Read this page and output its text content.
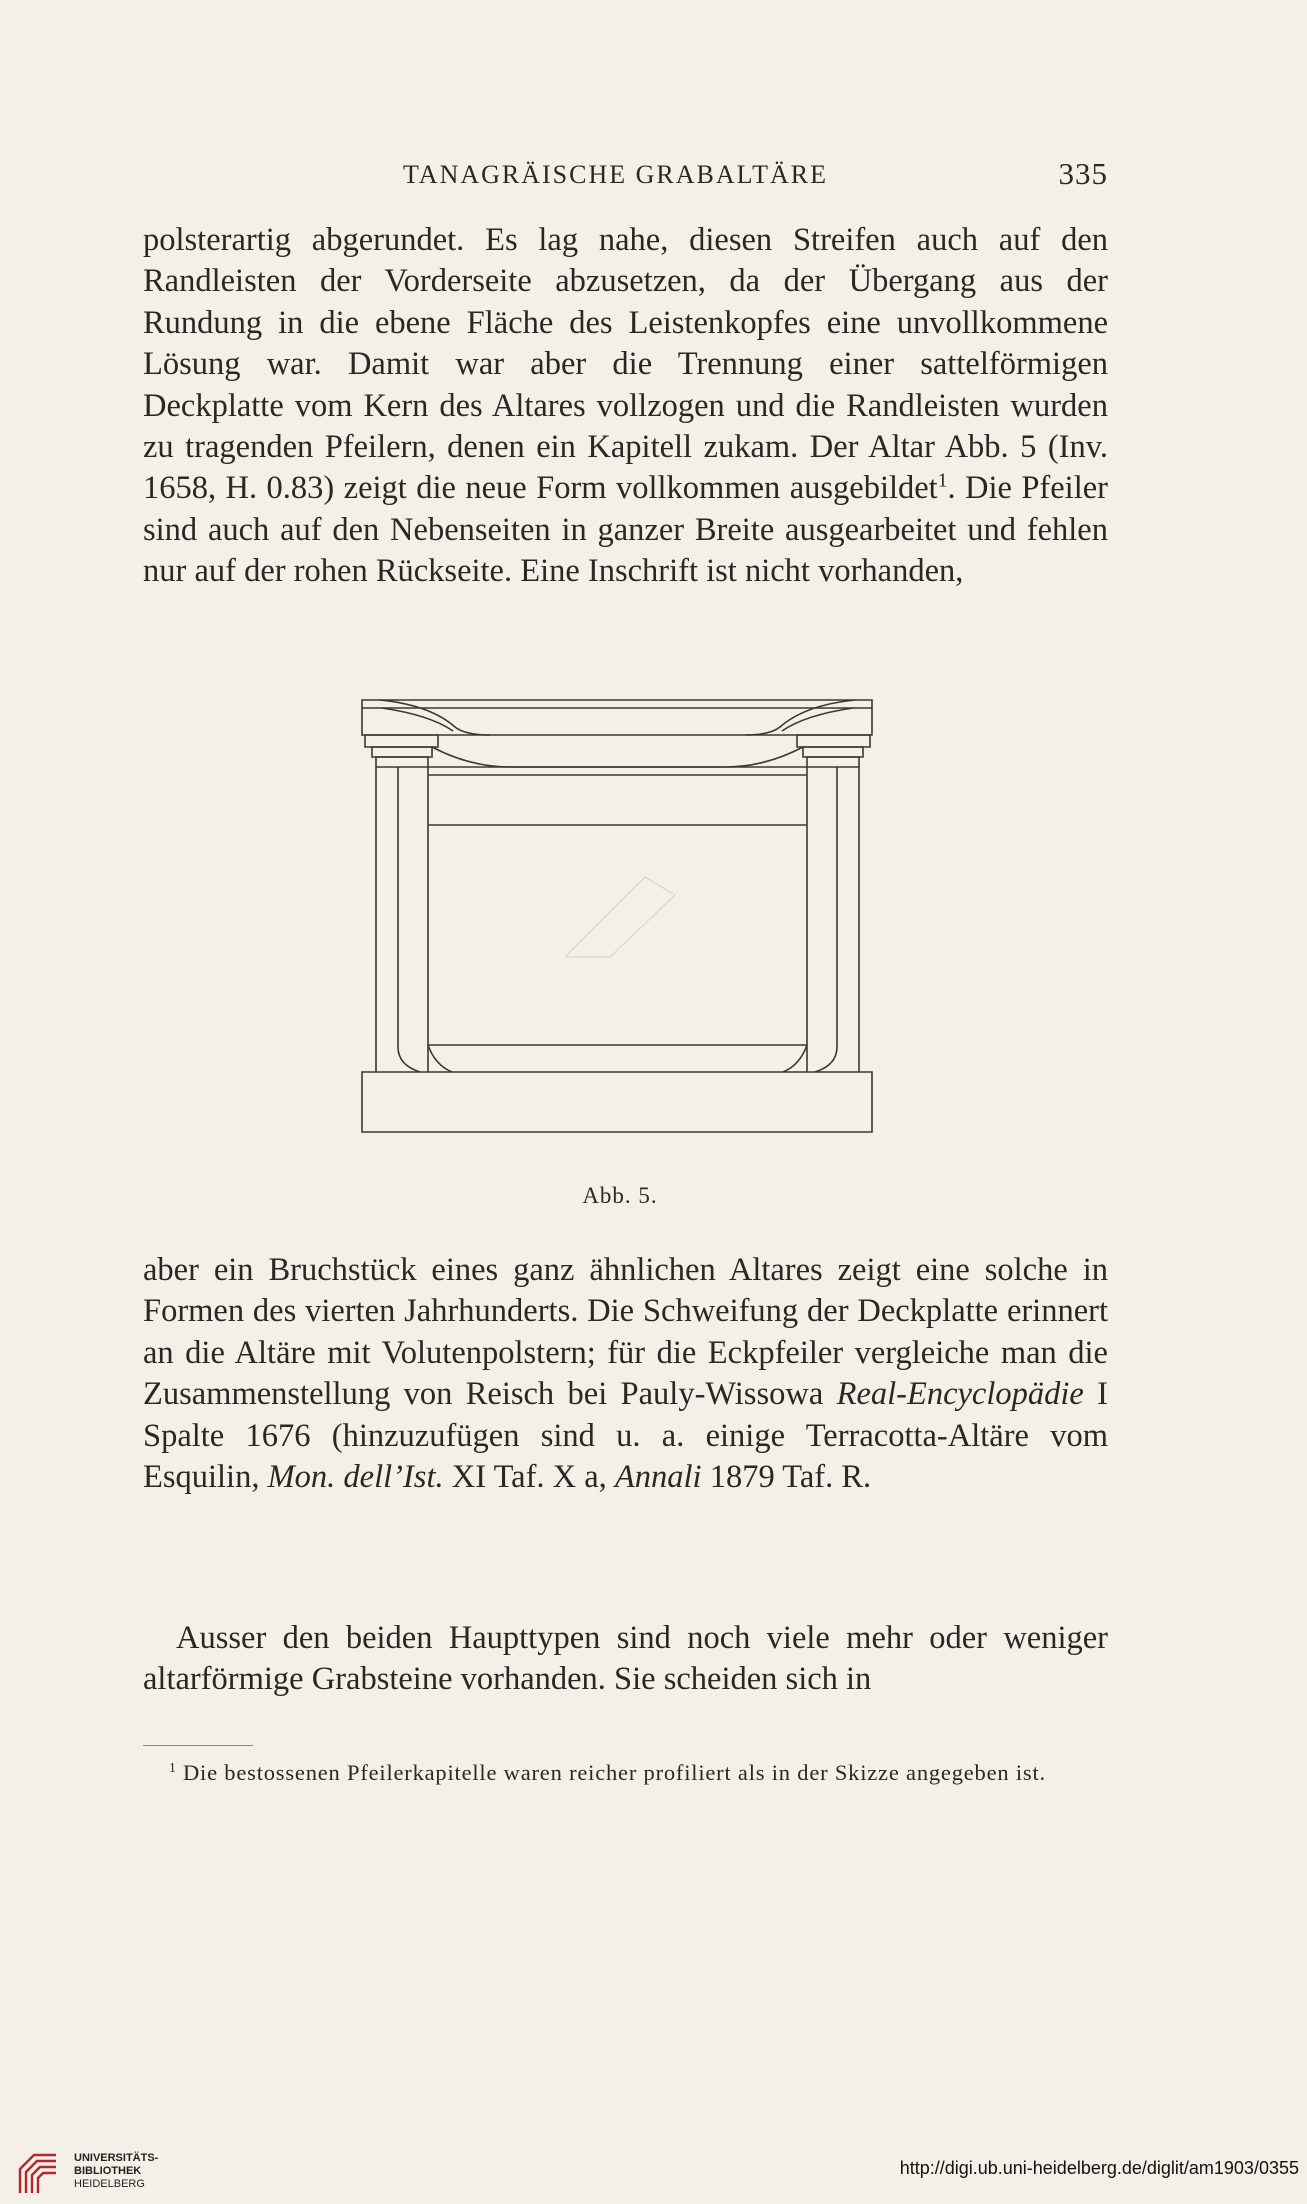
TANAGRÄISCHE GRABALTÄRE	335

polsterartig abgerundet. Es lag nahe, diesen Streifen auch auf den Randleisten der Vorderseite abzusetzen, da der Übergang aus der Rundung in die ebene Fläche des Leistenkopfes eine unvollkommene Lösung war. Damit war aber die Trennung einer sattelförmigen Deckplatte vom Kern des Altares vollzogen und die Randleisten wurden zu tragenden Pfeilern, denen ein Kapitell zukam. Der Altar Abb. 5 (Inv. 1658, H. 0.83) zeigt die neue Form vollkommen ausgebildet$^1$. Die Pfeiler sind auch auf den Nebenseiten in ganzer Breite ausgearbeitet und fehlen nur auf der rohen Rückseite. Eine Inschrift ist nicht vorhanden,

Abb. 5.

aber ein Bruchstück eines ganz ähnlichen Altares zeigt eine solche in Formen des vierten Jahrhunderts. Die Schweifung der Deckplatte erinnert an die Altäre mit Volutenpolstern; für die Eckpfeiler vergleiche man die Zusammenstellung von Reisch bei Pauly-Wissowa Real-Encyclopädie I Spalte 1676 (hinzuzufügen sind u. a. einige Terracotta-Altäre vom Esquilin, Mon. dell’Ist. XI Taf. X a, Annali 1879 Taf. R.

Ausser den beiden Haupttypen sind noch viele mehr oder weniger altarförmige Grabsteine vorhanden. Sie scheiden sich in

$^1$ Die bestossenen Pfeilerkapitelle waren reicher profiliert als in der Skizze angegeben ist.
UNIVERSITÄTS-
BIBLIOTHEK
HEIDELBERG
http://digi.ub.uni-heidelberg.de/diglit/am1903/0355
